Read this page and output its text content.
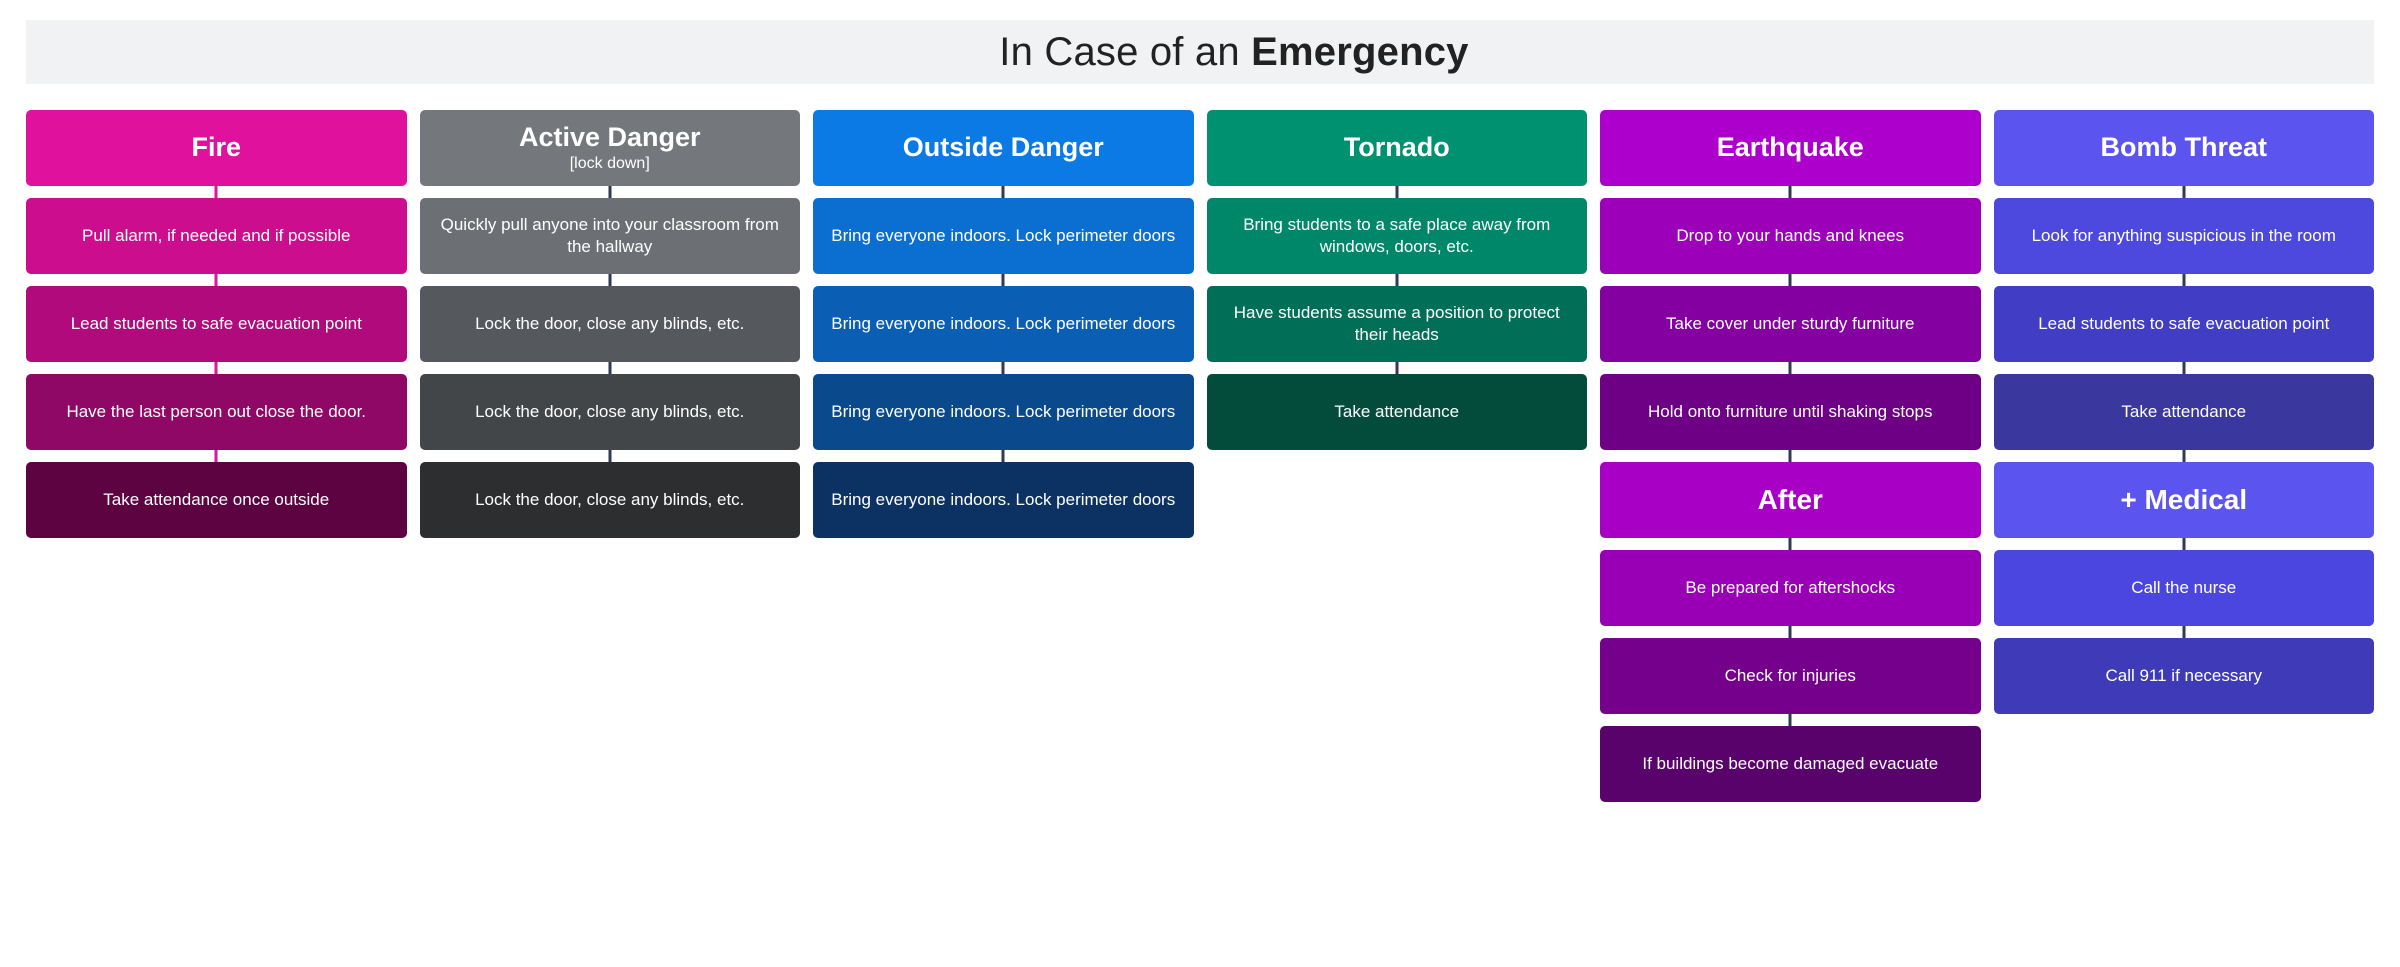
In Case of an Emergency

Fire
Pull alarm, if needed and if possible
Lead students to safe evacuation point
Have the last person out close the door.
Take attendance once outside
Active Danger
[lock down]
Quickly pull anyone into your classroom from the hallway
Lock the door, close any blinds, etc.
Lock the door, close any blinds, etc.
Lock the door, close any blinds, etc.
Outside Danger
Bring everyone indoors. Lock perimeter doors
Bring everyone indoors. Lock perimeter doors
Bring everyone indoors. Lock perimeter doors
Bring everyone indoors. Lock perimeter doors
Tornado
Bring students to a safe place away from windows, doors, etc.
Have students assume a position to protect their heads
Take attendance
Earthquake
Drop to your hands and knees
Take cover under sturdy furniture
Hold onto furniture until shaking stops
After
Be prepared for aftershocks
Check for injuries
If buildings become damaged evacuate
Bomb Threat
Look for anything suspicious in the room
Lead students to safe evacuation point
Take attendance
+ Medical
Call the nurse
Call 911 if necessary
